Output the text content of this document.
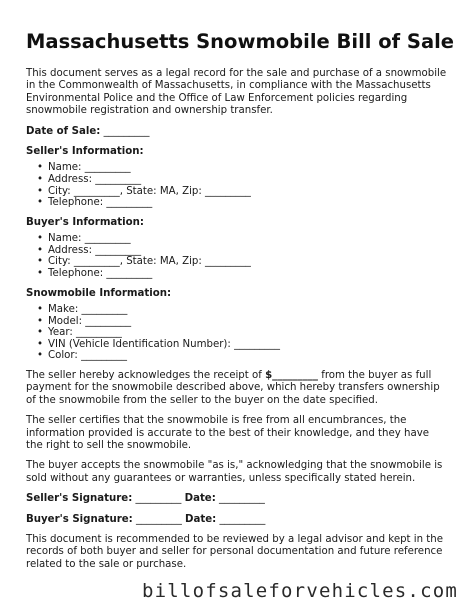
Massachusetts Snowmobile Bill of Sale

This document serves as a legal record for the sale and purchase of a snowmobile in the Commonwealth of Massachusetts, in compliance with the Massachusetts Environmental Police and the Office of Law Enforcement policies regarding snowmobile registration and ownership transfer.

Date of Sale: _________

Seller's Information:
• Name: _________
• Address: _________
• City: _________, State: MA, Zip: _________
• Telephone: _________
Buyer's Information:
• Name: _________
• Address: _________
• City: _________, State: MA, Zip: _________
• Telephone: _________
Snowmobile Information:
• Make: _________
• Model: _________
• Year: _________
• VIN (Vehicle Identification Number): _________
• Color: _________

The seller hereby acknowledges the receipt of $_________ from the buyer as full payment for the snowmobile described above, which hereby transfers ownership of the snowmobile from the seller to the buyer on the date specified.

The seller certifies that the snowmobile is free from all encumbrances, the information provided is accurate to the best of their knowledge, and they have the right to sell the snowmobile.

The buyer accepts the snowmobile "as is," acknowledging that the snowmobile is sold without any guarantees or warranties, unless specifically stated herein.

Seller's Signature: _________ Date: _________

Buyer's Signature: _________ Date: _________

This document is recommended to be reviewed by a legal advisor and kept in the records of both buyer and seller for personal documentation and future reference related to the sale or purchase.

billofsaleforvehicles.com
